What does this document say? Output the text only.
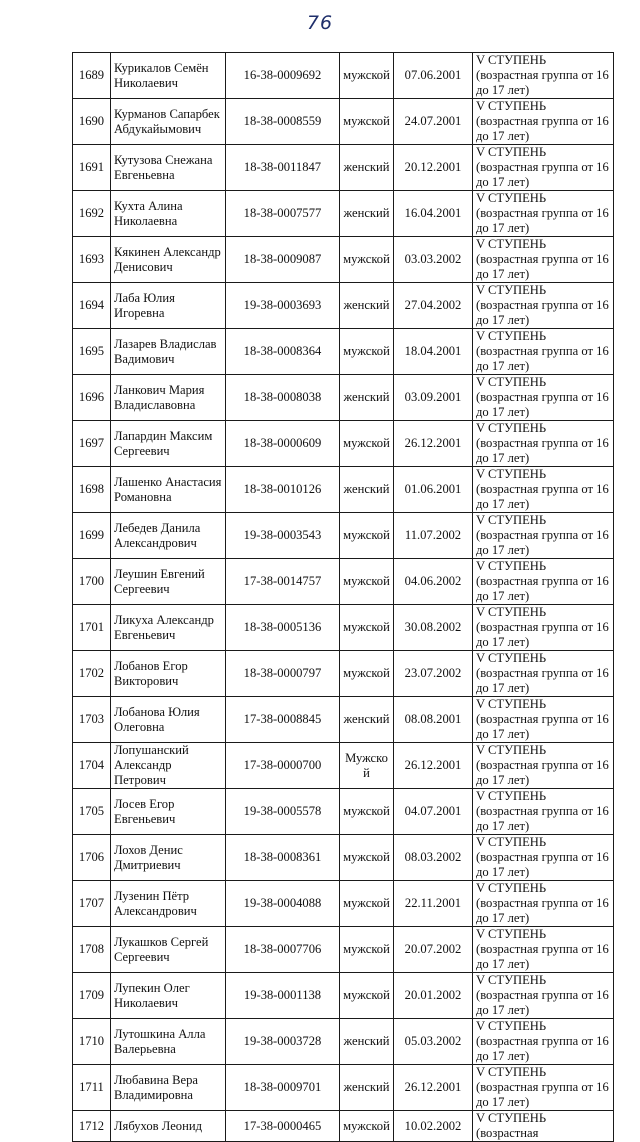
76
1689	Курикалов Семён Николаевич	16-38-0009692	мужской	07.06.2001	V СТУПЕНЬ (возрастная группа от 16 до 17 лет)
1690	Курманов Сапарбек Абдукайымович	18-38-0008559	мужской	24.07.2001	V СТУПЕНЬ (возрастная группа от 16 до 17 лет)
1691	Кутузова Снежана Евгеньевна	18-38-0011847	женский	20.12.2001	V СТУПЕНЬ (возрастная группа от 16 до 17 лет)
1692	Кухта Алина Николаевна	18-38-0007577	женский	16.04.2001	V СТУПЕНЬ (возрастная группа от 16 до 17 лет)
1693	Кякинен Александр Денисович	18-38-0009087	мужской	03.03.2002	V СТУПЕНЬ (возрастная группа от 16 до 17 лет)
1694	Лаба Юлия Игоревна	19-38-0003693	женский	27.04.2002	V СТУПЕНЬ (возрастная группа от 16 до 17 лет)
1695	Лазарев Владислав Вадимович	18-38-0008364	мужской	18.04.2001	V СТУПЕНЬ (возрастная группа от 16 до 17 лет)
1696	Ланкович Мария Владиславовна	18-38-0008038	женский	03.09.2001	V СТУПЕНЬ (возрастная группа от 16 до 17 лет)
1697	Лапардин Максим Сергеевич	18-38-0000609	мужской	26.12.2001	V СТУПЕНЬ (возрастная группа от 16 до 17 лет)
1698	Лашенко Анастасия Романовна	18-38-0010126	женский	01.06.2001	V СТУПЕНЬ (возрастная группа от 16 до 17 лет)
1699	Лебедев Данила Александрович	19-38-0003543	мужской	11.07.2002	V СТУПЕНЬ (возрастная группа от 16 до 17 лет)
1700	Леушин Евгений Сергеевич	17-38-0014757	мужской	04.06.2002	V СТУПЕНЬ (возрастная группа от 16 до 17 лет)
1701	Ликуха Александр Евгеньевич	18-38-0005136	мужской	30.08.2002	V СТУПЕНЬ (возрастная группа от 16 до 17 лет)
1702	Лобанов Егор Викторович	18-38-0000797	мужской	23.07.2002	V СТУПЕНЬ (возрастная группа от 16 до 17 лет)
1703	Лобанова Юлия Олеговна	17-38-0008845	женский	08.08.2001	V СТУПЕНЬ (возрастная группа от 16 до 17 лет)
1704	Лопушанский Александр Петрович	17-38-0000700	Мужско й	26.12.2001	V СТУПЕНЬ (возрастная группа от 16 до 17 лет)
1705	Лосев Егор Евгеньевич	19-38-0005578	мужской	04.07.2001	V СТУПЕНЬ (возрастная группа от 16 до 17 лет)
1706	Лохов Денис Дмитриевич	18-38-0008361	мужской	08.03.2002	V СТУПЕНЬ (возрастная группа от 16 до 17 лет)
1707	Лузенин Пётр Александрович	19-38-0004088	мужской	22.11.2001	V СТУПЕНЬ (возрастная группа от 16 до 17 лет)
1708	Лукашков Сергей Сергеевич	18-38-0007706	мужской	20.07.2002	V СТУПЕНЬ (возрастная группа от 16 до 17 лет)
1709	Лупекин Олег Николаевич	19-38-0001138	мужской	20.01.2002	V СТУПЕНЬ (возрастная группа от 16 до 17 лет)
1710	Лутошкина Алла Валерьевна	19-38-0003728	женский	05.03.2002	V СТУПЕНЬ (возрастная группа от 16 до 17 лет)
1711	Любавина Вера Владимировна	18-38-0009701	женский	26.12.2001	V СТУПЕНЬ (возрастная группа от 16 до 17 лет)
1712	Лябухов Леонид	17-38-0000465	мужской	10.02.2002	V СТУПЕНЬ (возрастная
